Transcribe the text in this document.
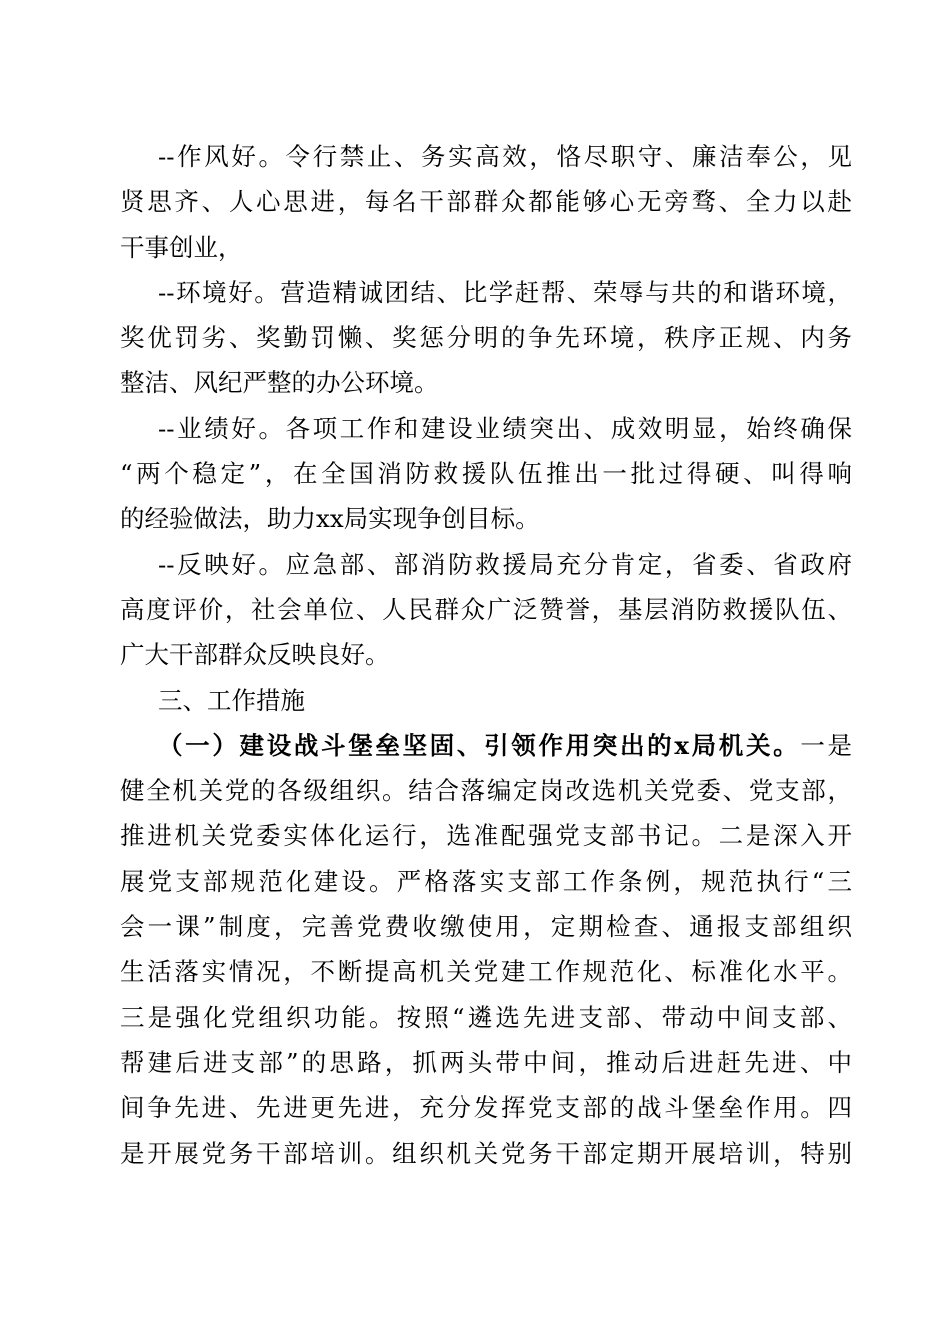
--作风好。令行禁止、务实高效，恪尽职守、廉洁奉公，见
贤思齐、人心思进，每名干部群众都能够心无旁骛、全力以赴
干事创业，
--环境好。营造精诚团结、比学赶帮、荣辱与共的和谐环境，
奖优罚劣、奖勤罚懒、奖惩分明的争先环境，秩序正规、内务
整洁、风纪严整的办公环境。
--业绩好。各项工作和建设业绩突出、成效明显，始终确保
“两个稳定”，在全国消防救援队伍推出一批过得硬、叫得响
的经验做法，助力xx局实现争创目标。
--反映好。应急部、部消防救援局充分肯定，省委、省政府
高度评价，社会单位、人民群众广泛赞誉，基层消防救援队伍、
广大干部群众反映良好。
三、工作措施
（一）建设战斗堡垒坚固、引领作用突出的x局机关。一是
健全机关党的各级组织。结合落编定岗改选机关党委、党支部，
推进机关党委实体化运行，选准配强党支部书记。二是深入开
展党支部规范化建设。严格落实支部工作条例，规范执行“三
会一课”制度，完善党费收缴使用，定期检查、通报支部组织
生活落实情况，不断提高机关党建工作规范化、标准化水平。
三是强化党组织功能。按照“遴选先进支部、带动中间支部、
帮建后进支部”的思路，抓两头带中间，推动后进赶先进、中
间争先进、先进更先进，充分发挥党支部的战斗堡垒作用。四
是开展党务干部培训。组织机关党务干部定期开展培训，特别
